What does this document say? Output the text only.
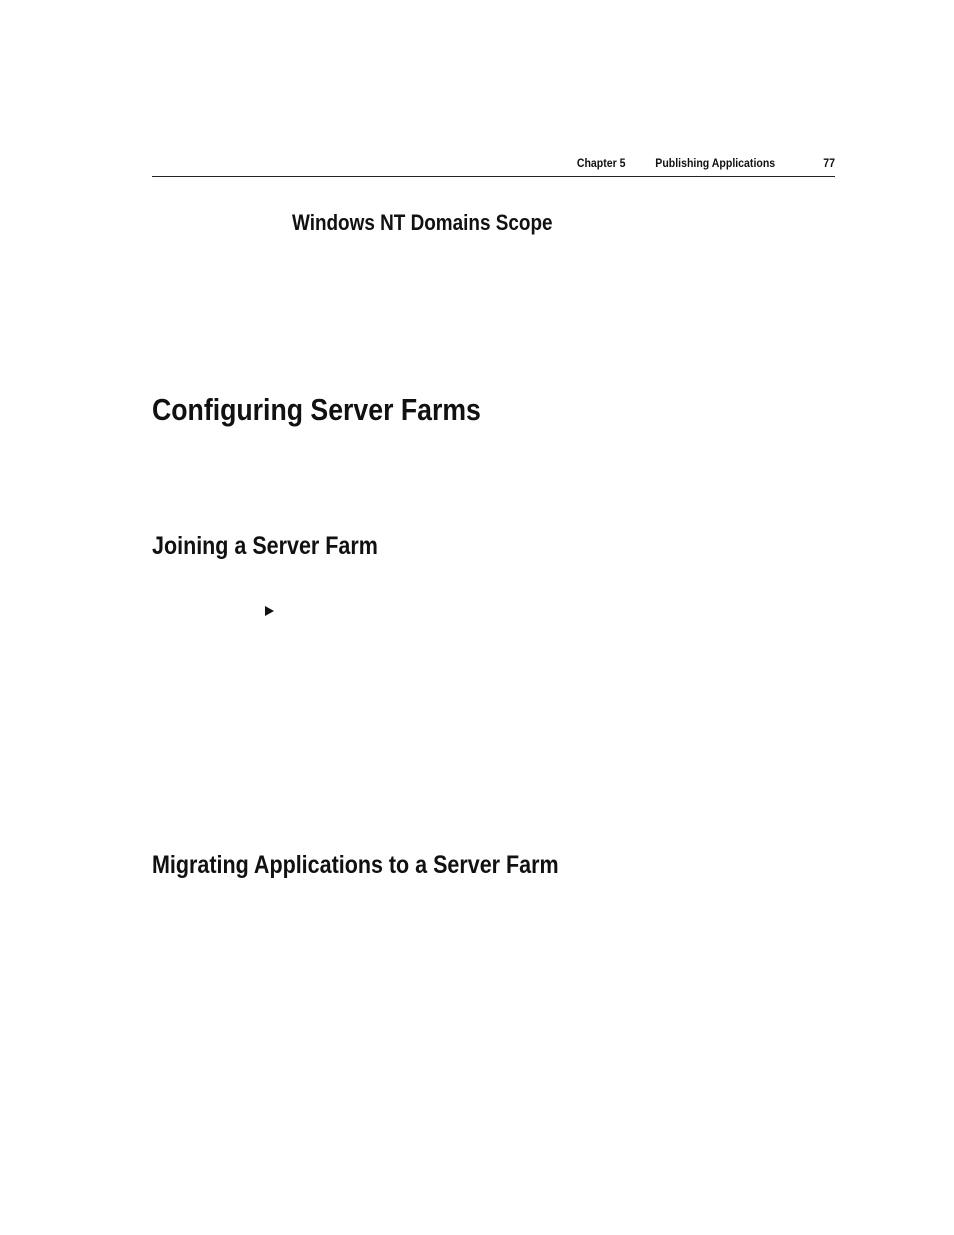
Chapter 5 Publishing Applications	77
Windows NT Domains Scope
Configuring Server Farms
Joining a Server Farm
Migrating Applications to a Server Farm
